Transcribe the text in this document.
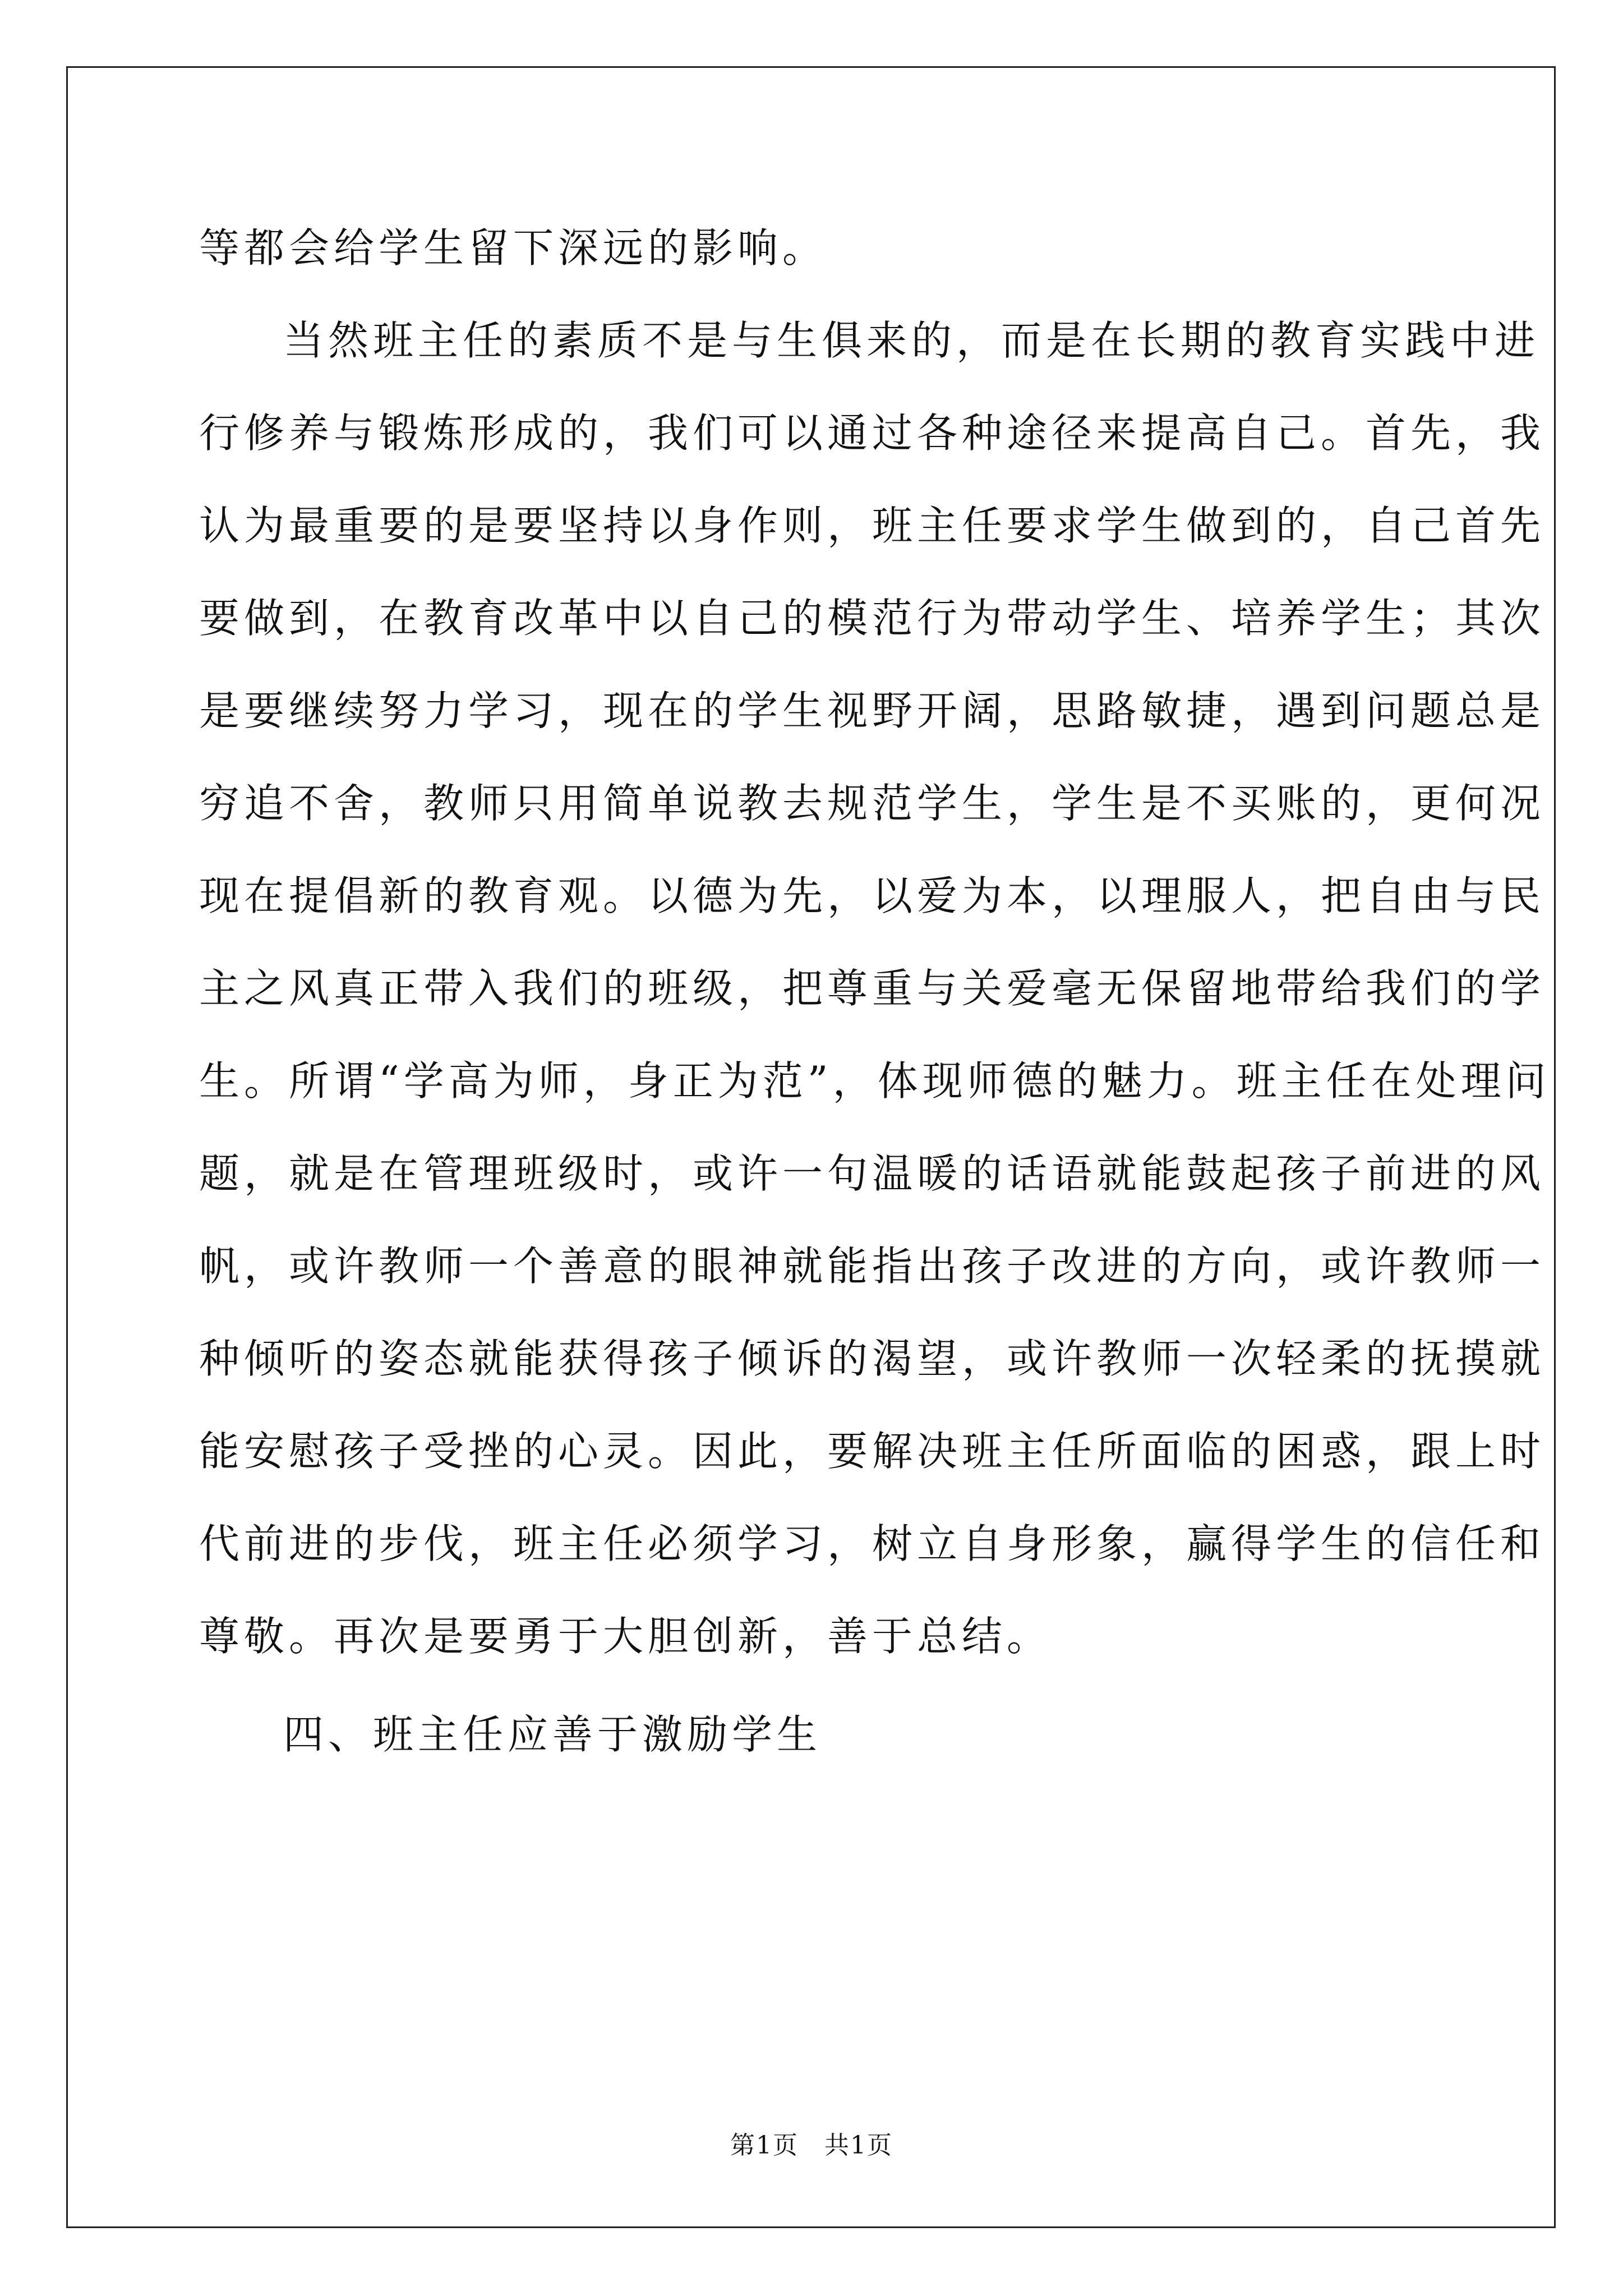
等都会给学生留下深远的影响。
当然班主任的素质不是与生俱来的，而是在长期的教育实践中进
行修养与锻炼形成的，我们可以通过各种途径来提高自己。首先，我
认为最重要的是要坚持以身作则，班主任要求学生做到的，自己首先
要做到，在教育改革中以自己的模范行为带动学生、培养学生；其次
是要继续努力学习，现在的学生视野开阔，思路敏捷，遇到问题总是
穷追不舍，教师只用简单说教去规范学生，学生是不买账的，更何况
现在提倡新的教育观。以德为先，以爱为本，以理服人，把自由与民
主之风真正带入我们的班级，把尊重与关爱毫无保留地带给我们的学
生。所谓“学高为师，身正为范”，体现师德的魅力。班主任在处理问
题，就是在管理班级时，或许一句温暖的话语就能鼓起孩子前进的风
帆，或许教师一个善意的眼神就能指出孩子改进的方向，或许教师一
种倾听的姿态就能获得孩子倾诉的渴望，或许教师一次轻柔的抚摸就
能安慰孩子受挫的心灵。因此，要解决班主任所面临的困惑，跟上时
代前进的步伐，班主任必须学习，树立自身形象，赢得学生的信任和
尊敬。再次是要勇于大胆创新，善于总结。
四、班主任应善于激励学生
第1页　共1页
